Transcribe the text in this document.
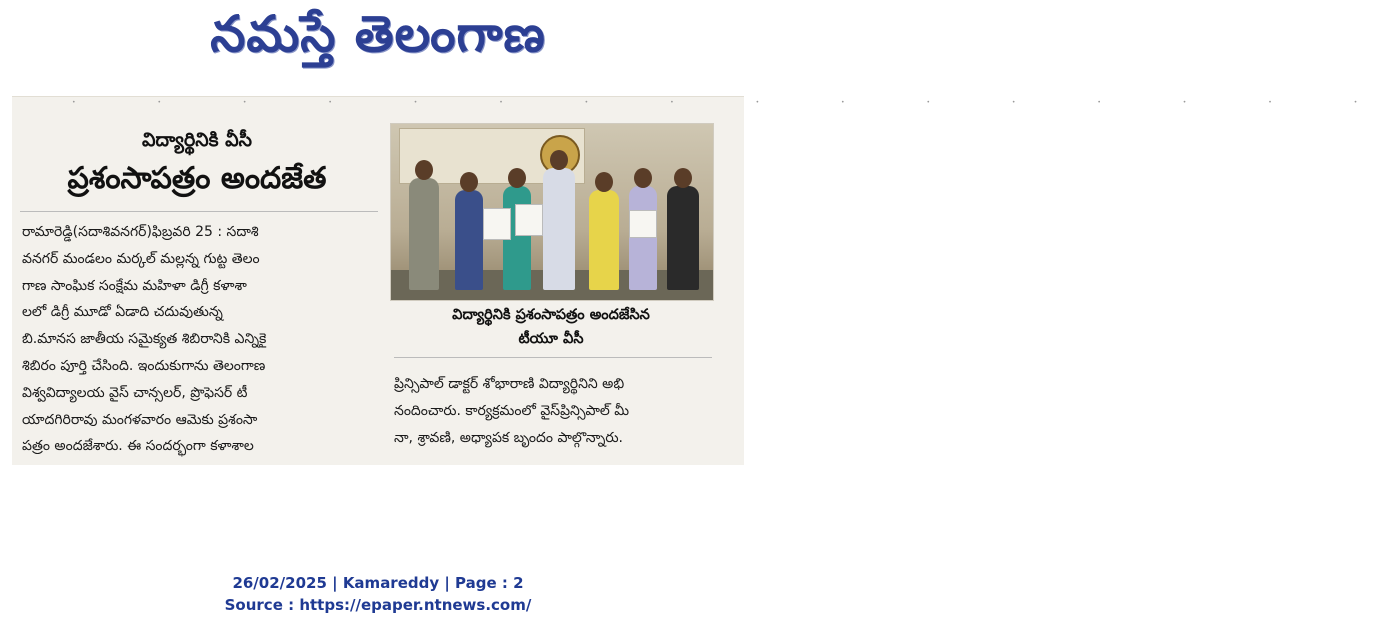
నమస్తే తెలంగాణ
• • • • • • • • • • • • • • • •
విద్యార్థినికి వీసీ
ప్రశంసాపత్రం అందజేత
రామారెడ్డి(సదాశివనగర్)ఫిబ్రవరి 25 : సదాశి
వనగర్ మండలం మర్కల్ మల్లన్న గుట్ట తెలం
గాణ సాంఘిక సంక్షేమ మహిళా డిగ్రీ కళాశా
లలో డిగ్రీ మూడో ఏడాది చదువుతున్న
బి.మానస జాతీయ సమైక్యత శిబిరానికి ఎన్నికై
శిబిరం పూర్తి చేసింది. ఇందుకుగాను తెలంగాణ
విశ్వవిద్యాలయ వైస్ చాన్సలర్, ప్రొఫెసర్ టీ
యాదగిరిరావు మంగళవారం ఆమెకు ప్రశంసా
పత్రం అందజేశారు. ఈ సందర్భంగా కళాశాల
విద్యార్థినికి ప్రశంసాపత్రం అందజేసిన
టీయూ వీసీ
ప్రిన్సిపాల్ డాక్టర్ శోభారాణి విద్యార్థినిని అభి
నందించారు. కార్యక్రమంలో వైస్‌ప్రిన్సిపాల్ మీ
నా, శ్రావణి, అధ్యాపక బృందం పాల్గొన్నారు.
26/02/2025 | Kamareddy | Page : 2
Source : https://epaper.ntnews.com/
